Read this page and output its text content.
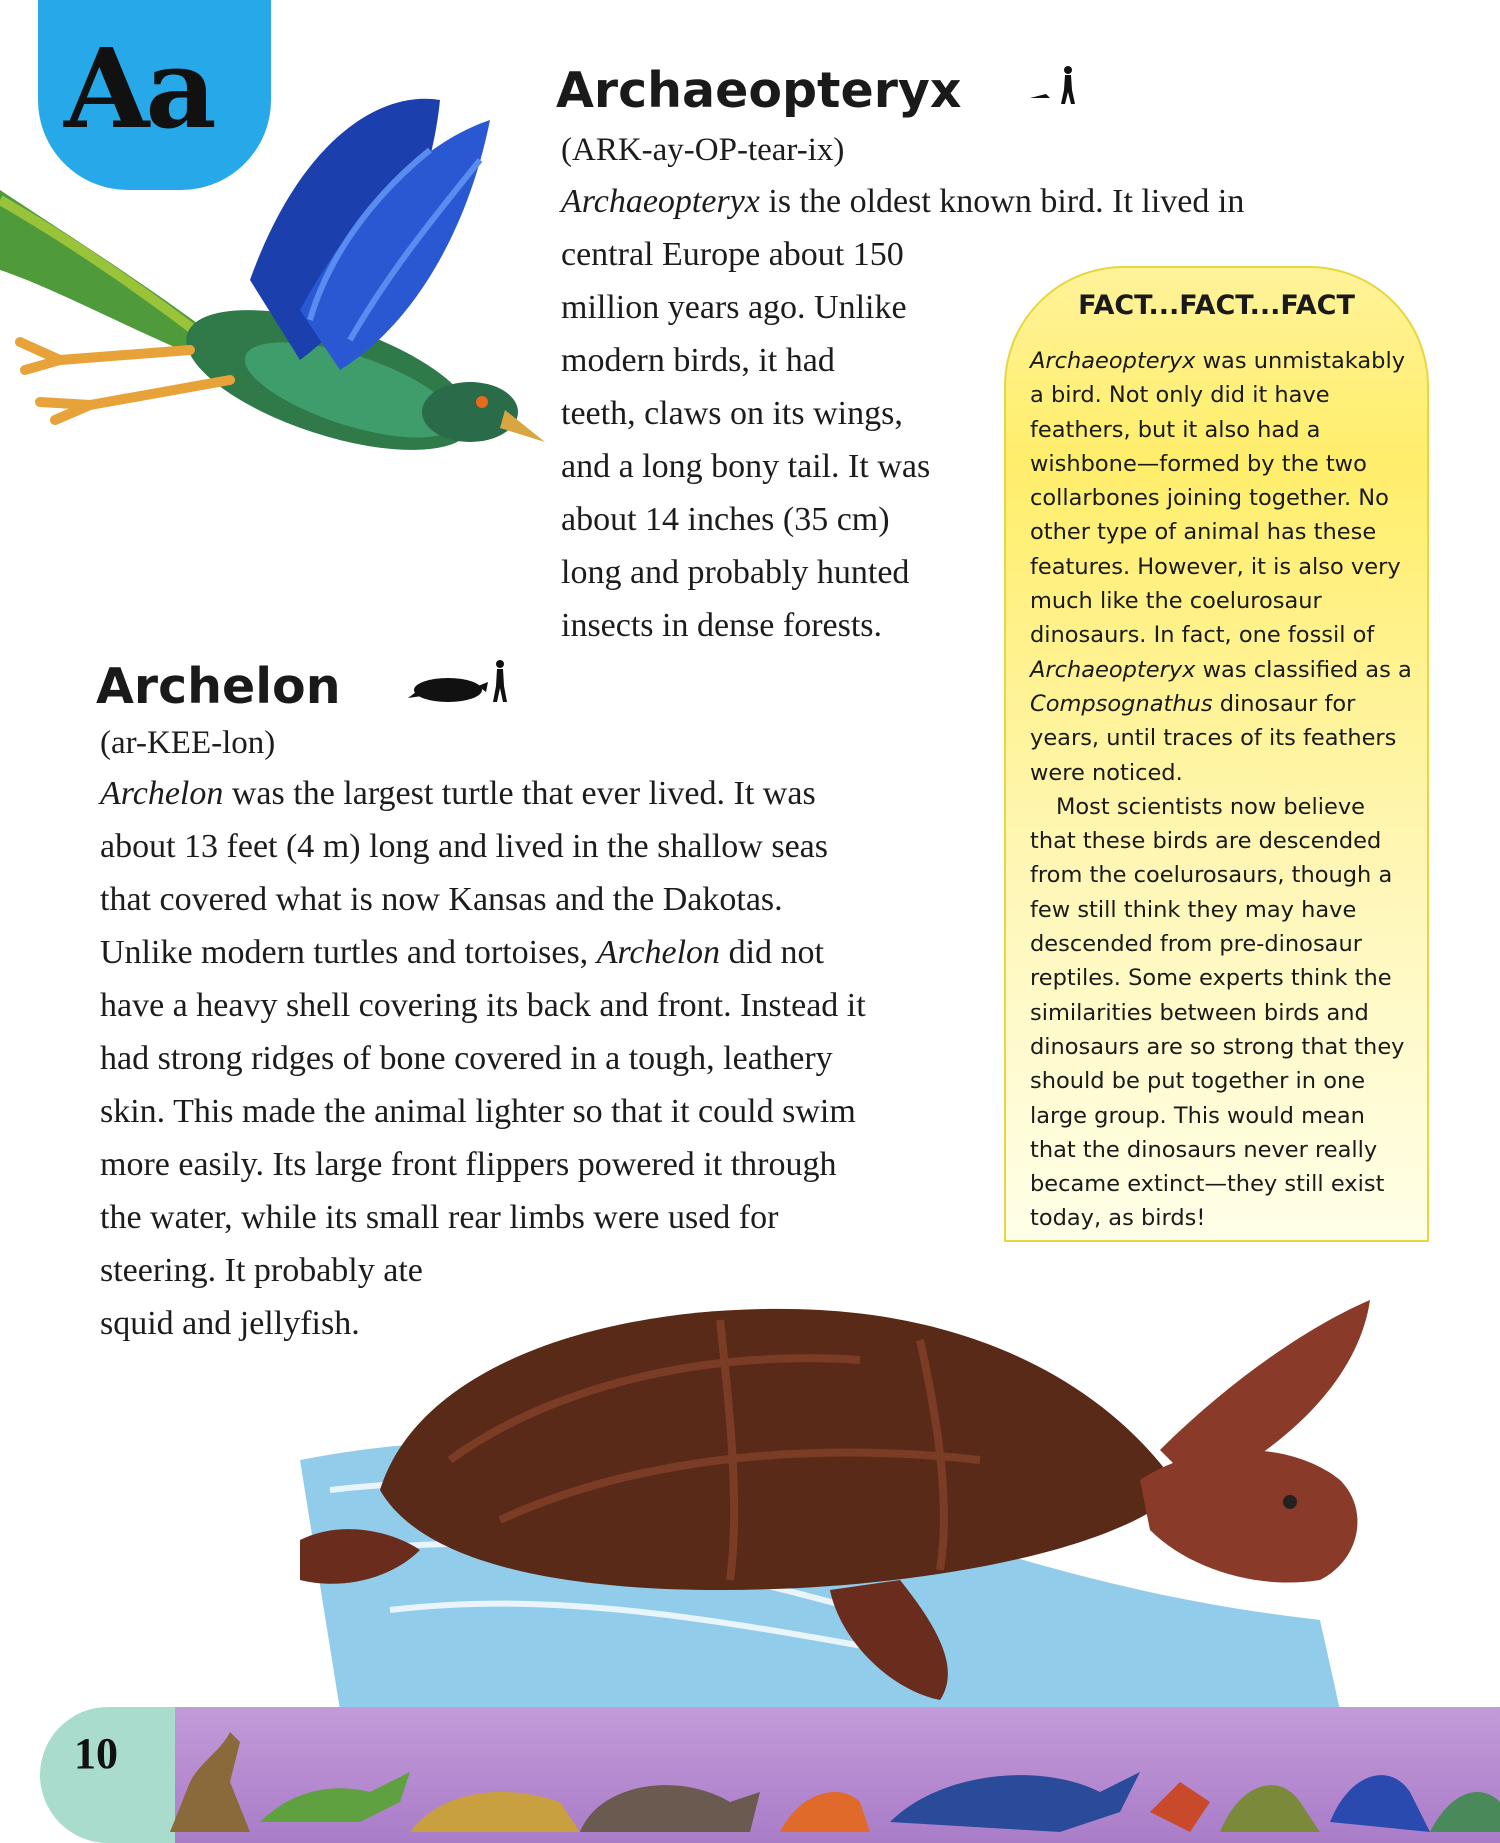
Aa	Archaeopteryx
(ARK-ay-OP-tear-ix)
Archaeopteryx is the oldest known bird. It lived in
central Europe about 150
million years ago. Unlike
modern birds, it had
teeth, claws on its wings,
and a long bony tail. It was
about 14 inches (35 cm)
long and probably hunted
insects in dense forests.
Archelon
(ar-KEE-lon)
Archelon was the largest turtle that ever lived. It was
about 13 feet (4 m) long and lived in the shallow seas
that covered what is now Kansas and the Dakotas.
Unlike modern turtles and tortoises, Archelon did not
have a heavy shell covering its back and front. Instead it
had strong ridges of bone covered in a tough, leathery
skin. This made the animal lighter so that it could swim
more easily. Its large front flippers powered it through
the water, while its small rear limbs were used for
steering. It probably ate
squid and jellyfish.
FACT...FACT...FACT

Archaeopteryx was unmistakably a bird. Not only did it have feathers, but it also had a wishbone—formed by the two collarbones joining together. No other type of animal has these features. However, it is also very much like the coelurosaur dinosaurs. In fact, one fossil of Archaeopteryx was classified as a Compsognathus dinosaur for years, until traces of its feathers were noticed.

Most scientists now believe that these birds are descended from the coelurosaurs, though a few still think they may have descended from pre-dinosaur reptiles. Some experts think the similarities between birds and dinosaurs are so strong that they should be put together in one large group. This would mean that the dinosaurs never really became extinct—they still exist today, as birds!

10
